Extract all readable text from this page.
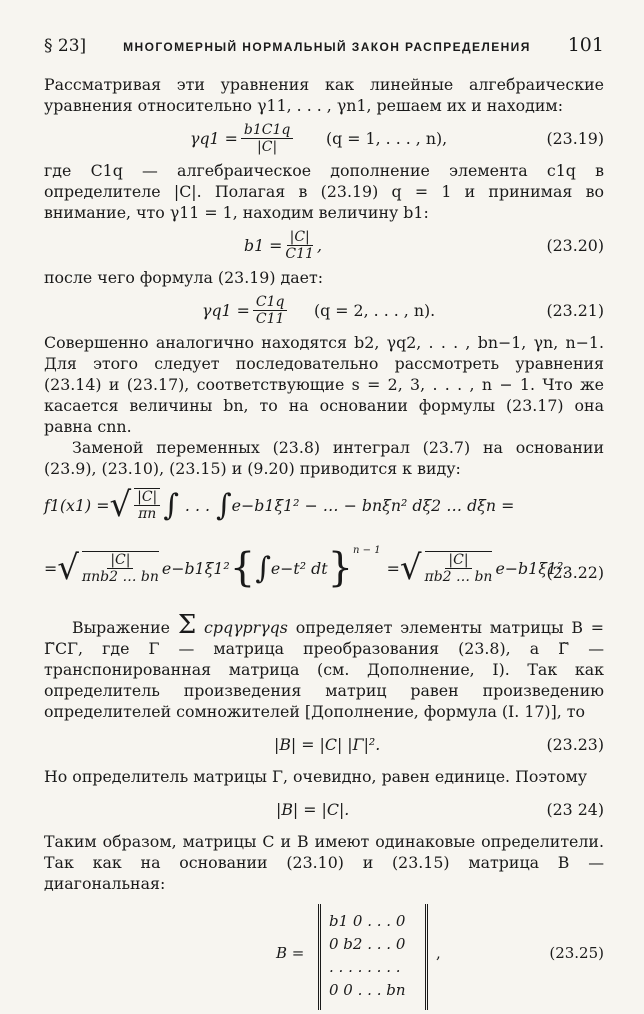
§ 23]	МНОГОМЕРНЫЙ НОРМАЛЬНЫЙ ЗАКОН РАСПРЕДЕЛЕНИЯ 101

Рассматривая эти уравнения как линейные алгебраические уравнения относительно γ11, . . . , γn1, решаем их и находим:

$\gamma q1 = \frac{b1C1q}{|C|} (q = 1$, . . . , n),	(23.19)

где C1q — алгебраическое дополнение элемента c1q в определителе |C|. Полагая в (23.19) q = 1 и принимая во внимание, что γ11 = 1, находим величину b1:

$b1 = \frac{|C|}{C11}$ ,	(23.20)

после чего формула (23.19) дает:

$\gamma q1 = \frac{C1q}{C11} (q = 2$, . . . , n).	(23.21)

Совершенно аналогично находятся b2, γq2, . . . , bn−1, γn, n−1. Для этого следует последовательно рассмотреть уравнения (23.14) и (23.17), соответствующие s = 2, 3, . . . , n − 1. Что же касается величины bn, то на основании формулы (23.17) она равна cnn.

Заменой переменных (23.8) интеграл (23.7) на основании (23.9), (23.10), (23.15) и (9.20) приводится к виду:

f1(x1) = √ $\frac{|C|}{\pi n}$ ∫ . . . ∫ e−b1ξ1² − … − bnξn² dξ2 … dξn =
= √ $\frac{|C|}{\text{πnb2 … bn}} e-b1\xi 1^2$ { ∫ e−t² dt }$^{n - 1}$
= √ $\frac{|C|}{\pi b2 \dots bn} e-b1\xi 1^2$.
(23.22)

Выражение Σ cpqγprγqs определяет элементы матрицы B = Γ̃CΓ, где Γ — матрица преобразования (23.8), а Γ̃ — транспонированная матрица (см. Дополнение, I). Так как определитель произведения матриц равен произведению определителей сомножителей [Дополнение, формула (I. 17)], то

|B| = |C| |Γ|².	(23.23)

Но определитель матрицы Γ, очевидно, равен единице. Поэтому

|B| = |C|.	(23 24)

Таким образом, матрицы C и B имеют одинаковые определители. Так как на основании (23.10) и (23.15) матрица B — диагональная:

B =
b1 0 . . . 0
0 b2 . . . 0
. . . . . . . .
0 0 . . . bn
,	(23.25)
